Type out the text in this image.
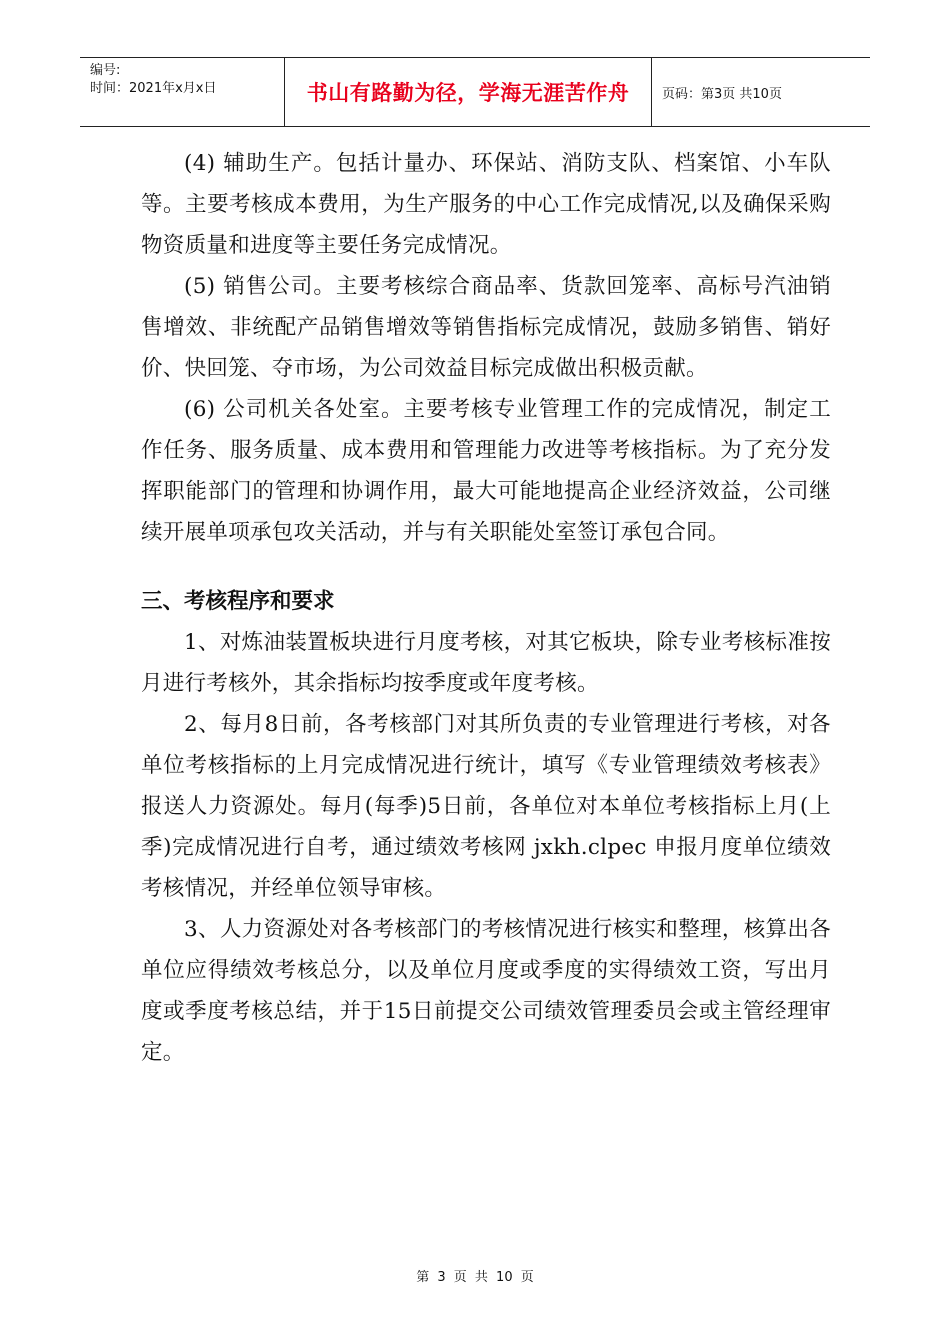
编号:
时间：2021年x月x日	书山有路勤为径，学海无涯苦作舟	页码：第3页 共10页

(4) 辅助生产。包括计量办、环保站、消防支队、档案馆、小车队等。主要考核成本费用，为生产服务的中心工作完成情况,以及确保采购物资质量和进度等主要任务完成情况。

(5) 销售公司。主要考核综合商品率、货款回笼率、高标号汽油销售增效、非统配产品销售增效等销售指标完成情况，鼓励多销售、销好价、快回笼、夺市场，为公司效益目标完成做出积极贡献。

(6) 公司机关各处室。主要考核专业管理工作的完成情况，制定工作任务、服务质量、成本费用和管理能力改进等考核指标。为了充分发挥职能部门的管理和协调作用，最大可能地提高企业经济效益，公司继续开展单项承包攻关活动，并与有关职能处室签订承包合同。

三、考核程序和要求

1、对炼油装置板块进行月度考核，对其它板块，除专业考核标准按月进行考核外，其余指标均按季度或年度考核。

2、每月8日前，各考核部门对其所负责的专业管理进行考核，对各单位考核指标的上月完成情况进行统计，填写《专业管理绩效考核表》报送人力资源处。每月(每季)5日前，各单位对本单位考核指标上月(上季)完成情况进行自考，通过绩效考核网 jxkh.clpec 申报月度单位绩效考核情况，并经单位领导审核。

3、人力资源处对各考核部门的考核情况进行核实和整理，核算出各单位应得绩效考核总分，以及单位月度或季度的实得绩效工资，写出月度或季度考核总结，并于15日前提交公司绩效管理委员会或主管经理审定。

第 3 页 共 10 页
